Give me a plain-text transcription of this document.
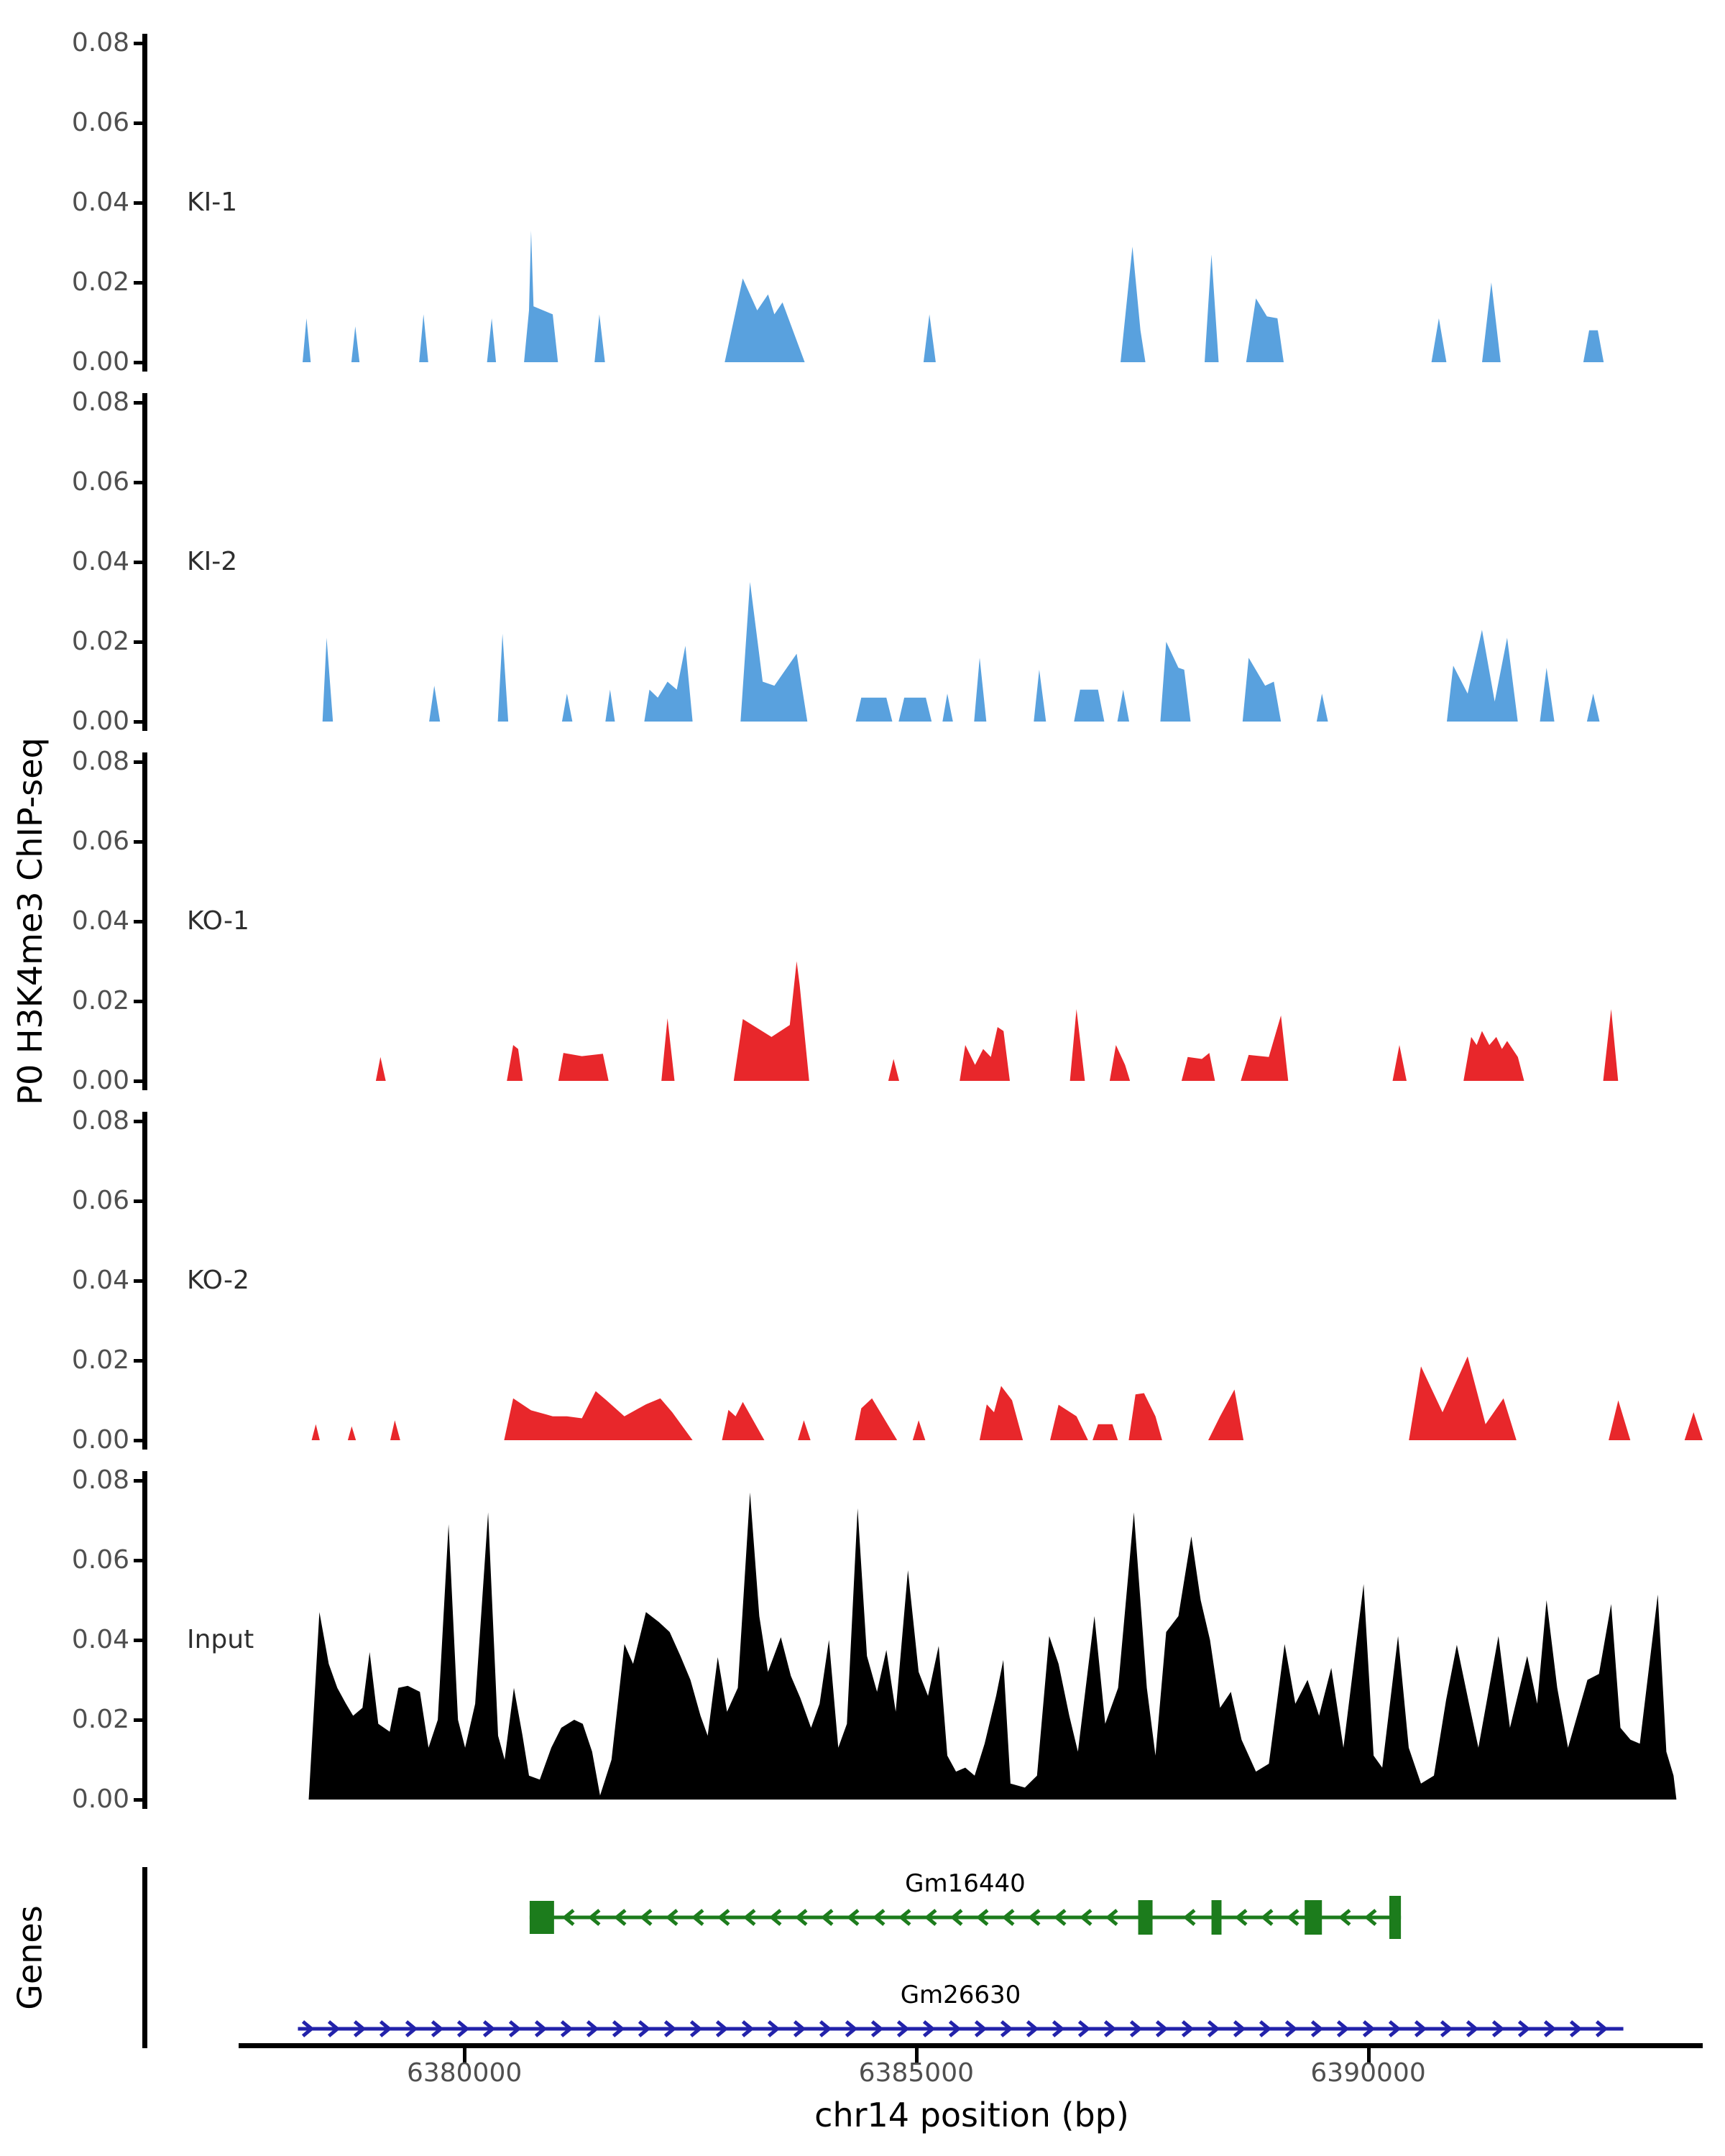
P0 H3K4me3 ChIP-seq
Genes
0.08
0.06
0.04
0.02
0.00
KI-1
0.08
0.06
0.04
0.02
0.00
KI-2
0.08
0.06
0.04
0.02
0.00
KO-1
0.08
0.06
0.04
0.02
0.00
KO-2
0.08
0.06
0.04
0.02
0.00
Input
Gm16440
Gm26630
6380000	6385000	6390000
chr14 position (bp)
